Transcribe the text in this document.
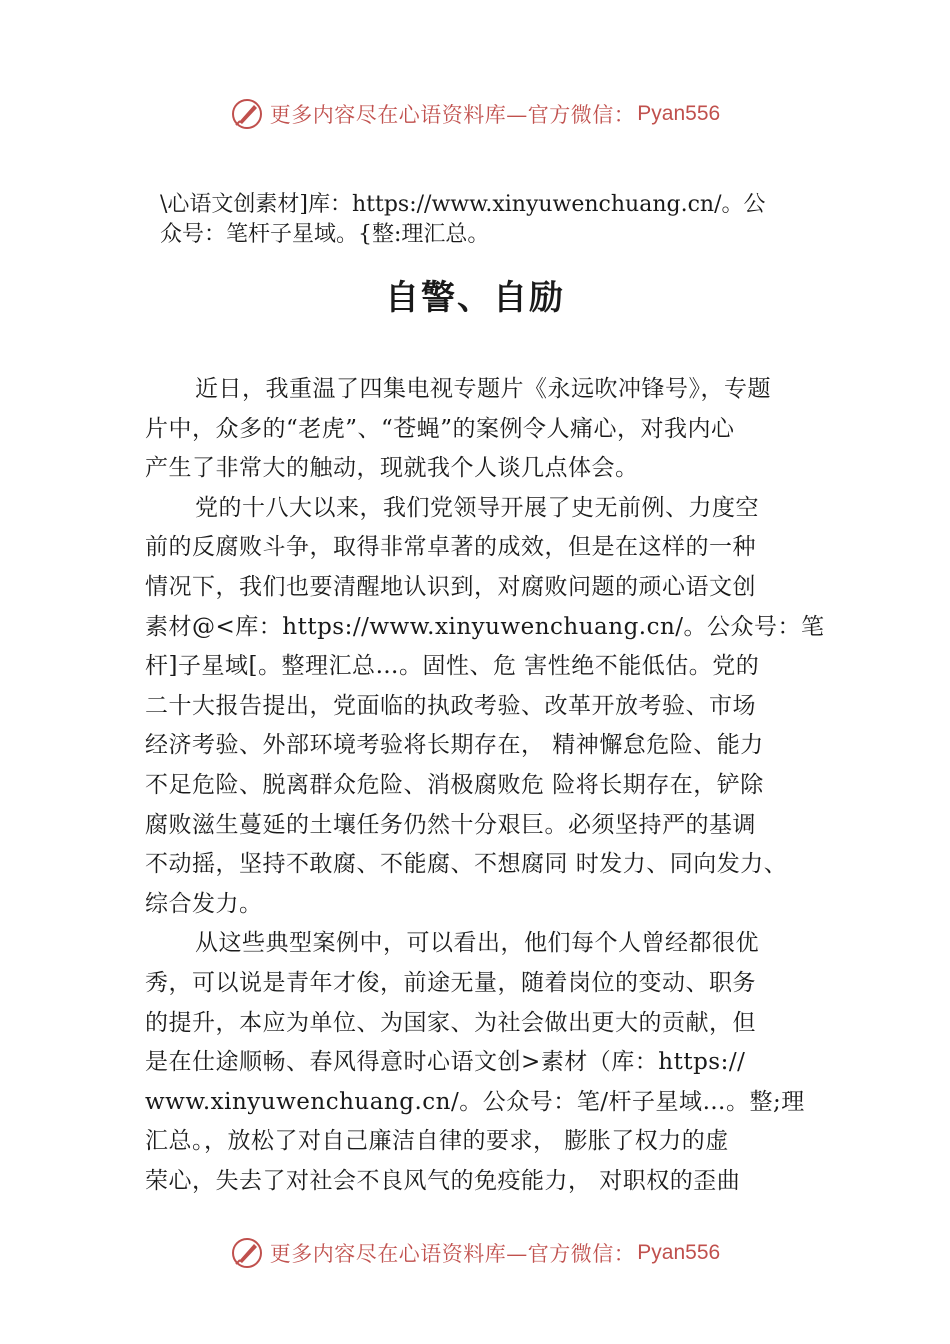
更多内容尽在心语资料库—官方微信： Pyan556
\心语文创素材]库：https://www.xinyuwenchuang.cn/。公
众号：笔杆子星域。{整:理汇总。
自警、自励
近日，我重温了四集电视专题片《永远吹冲锋号》，专题
片中，众多的“老虎”、“苍蝇”的案例令人痛心，对我内心
产生了非常大的触动，现就我个人谈几点体会。
党的十八大以来，我们党领导开展了史无前例、力度空
前的反腐败斗争，取得非常卓著的成效，但是在这样的一种
情况下，我们也要清醒地认识到，对腐败问题的顽心语文创
素材@<库：https://www.xinyuwenchuang.cn/。公众号：笔
杆]子星域[。整理汇总…。固性、危 害性绝不能低估。党的
二十大报告提出，党面临的执政考验、改革开放考验、市场
经济考验、外部环境考验将长期存在， 精神懈怠危险、能力
不足危险、脱离群众危险、消极腐败危 险将长期存在，铲除
腐败滋生蔓延的土壤任务仍然十分艰巨。必须坚持严的基调
不动摇，坚持不敢腐、不能腐、不想腐同 时发力、同向发力、
综合发力。
从这些典型案例中，可以看出，他们每个人曾经都很优
秀，可以说是青年才俊，前途无量，随着岗位的变动、职务
的提升，本应为单位、为国家、为社会做出更大的贡献，但
是在仕途顺畅、春风得意时心语文创>素材（库：https://
www.xinyuwenchuang.cn/。公众号：笔/杆子星域…。整;理
汇总。，放松了对自己廉洁自律的要求， 膨胀了权力的虚
荣心，失去了对社会不良风气的免疫能力， 对职权的歪曲
更多内容尽在心语资料库—官方微信： Pyan556
